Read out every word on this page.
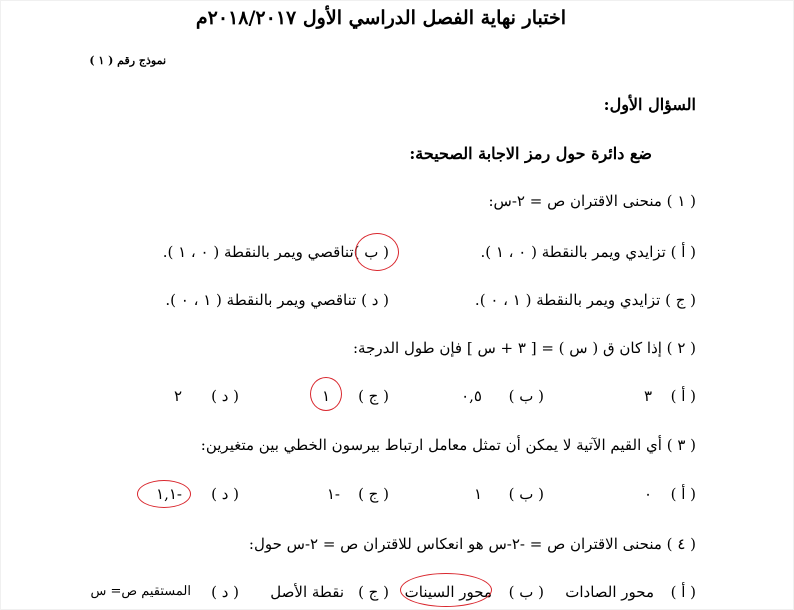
اختبار نهاية الفصل الدراسي الأول ٢٠١٨/٢٠١٧م
نموذج رقم ( ١ )
السؤال الأول:
ضع دائرة حول رمز الاجابة الصحيحة:
( ١ ) منحنى الاقتران ص = ٢-س:
( أ ) تزايدي ويمر بالنقطة ( ٠ ، ١ ).
( ب )تناقصي ويمر بالنقطة ( ٠ ، ١ ).
( ج ) تزايدي ويمر بالنقطة ( ١ ، ٠ ).
( د ) تناقصي ويمر بالنقطة ( ١ ، ٠ ).
( ٢ ) إذا كان ق ( س ) = [ ٣ + س ] فإن طول الدرجة:
( أ )
٣
( ب )
٠,٥
( ج )
١
( د )
٢
( ٣ ) أي القيم الآتية لا يمكن أن تمثل معامل ارتباط بيرسون الخطي بين متغيرين:
( أ )
٠
( ب )
١
( ج )
-١
( د )
-١,١
( ٤ ) منحنى الاقتران ص = -٢-س هو انعكاس للاقتران ص = ٢-س حول:
( أ )
محور الصادات
( ب )
محور السينات
( ج )
نقطة الأصل
( د )
المستقيم ص= س
